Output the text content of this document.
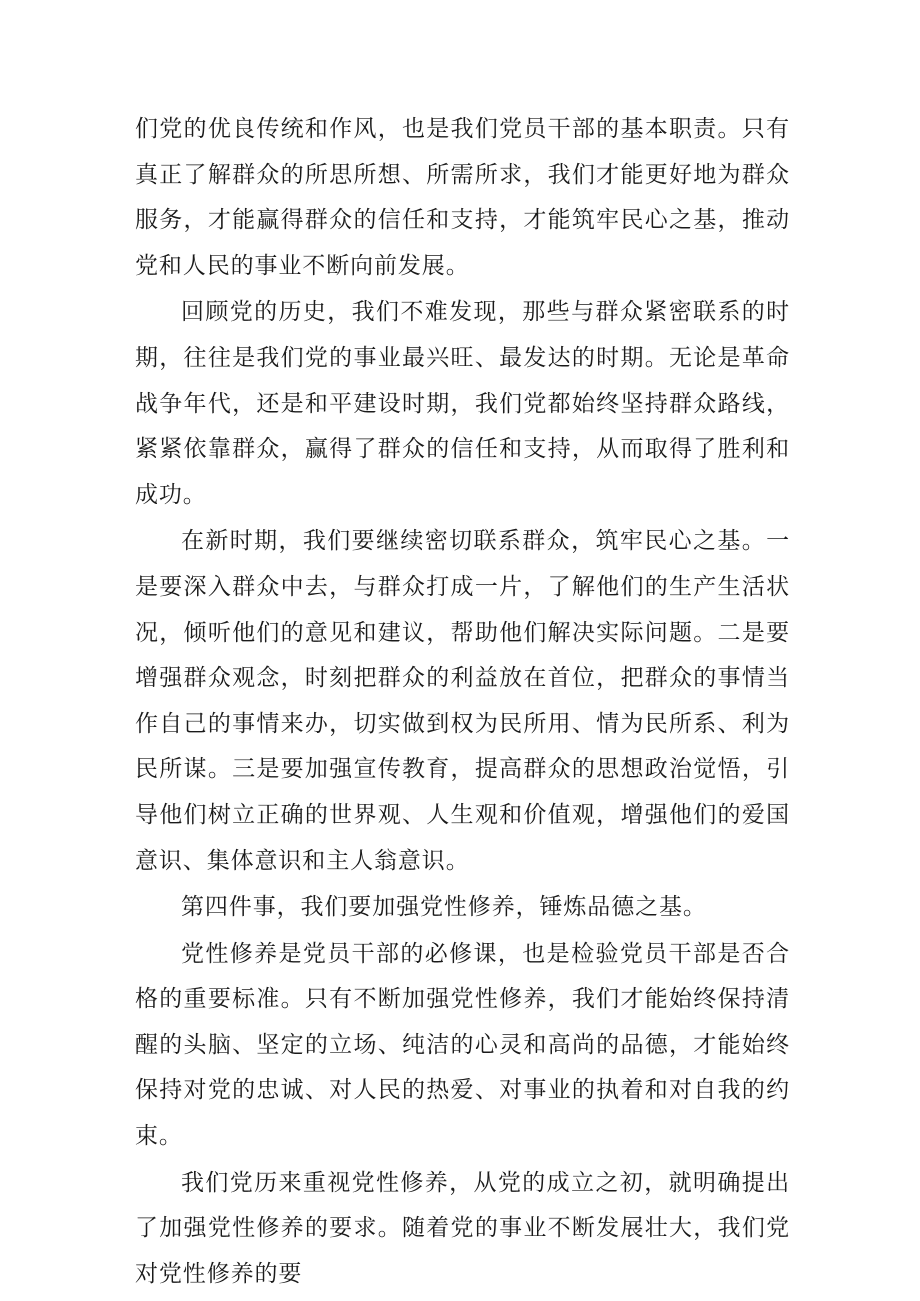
们党的优良传统和作风，也是我们党员干部的基本职责。只有真正了解群众的所思所想、所需所求，我们才能更好地为群众服务，才能赢得群众的信任和支持，才能筑牢民心之基，推动党和人民的事业不断向前发展。

回顾党的历史，我们不难发现，那些与群众紧密联系的时期，往往是我们党的事业最兴旺、最发达的时期。无论是革命战争年代，还是和平建设时期，我们党都始终坚持群众路线，紧紧依靠群众，赢得了群众的信任和支持，从而取得了胜利和成功。

在新时期，我们要继续密切联系群众，筑牢民心之基。一是要深入群众中去，与群众打成一片，了解他们的生产生活状况，倾听他们的意见和建议，帮助他们解决实际问题。二是要增强群众观念，时刻把群众的利益放在首位，把群众的事情当作自己的事情来办，切实做到权为民所用、情为民所系、利为民所谋。三是要加强宣传教育，提高群众的思想政治觉悟，引导他们树立正确的世界观、人生观和价值观，增强他们的爱国意识、集体意识和主人翁意识。

第四件事，我们要加强党性修养，锤炼品德之基。

党性修养是党员干部的必修课，也是检验党员干部是否合格的重要标准。只有不断加强党性修养，我们才能始终保持清醒的头脑、坚定的立场、纯洁的心灵和高尚的品德，才能始终保持对党的忠诚、对人民的热爱、对事业的执着和对自我的约束。

我们党历来重视党性修养，从党的成立之初，就明确提出了加强党性修养的要求。随着党的事业不断发展壮大，我们党对党性修养的要
